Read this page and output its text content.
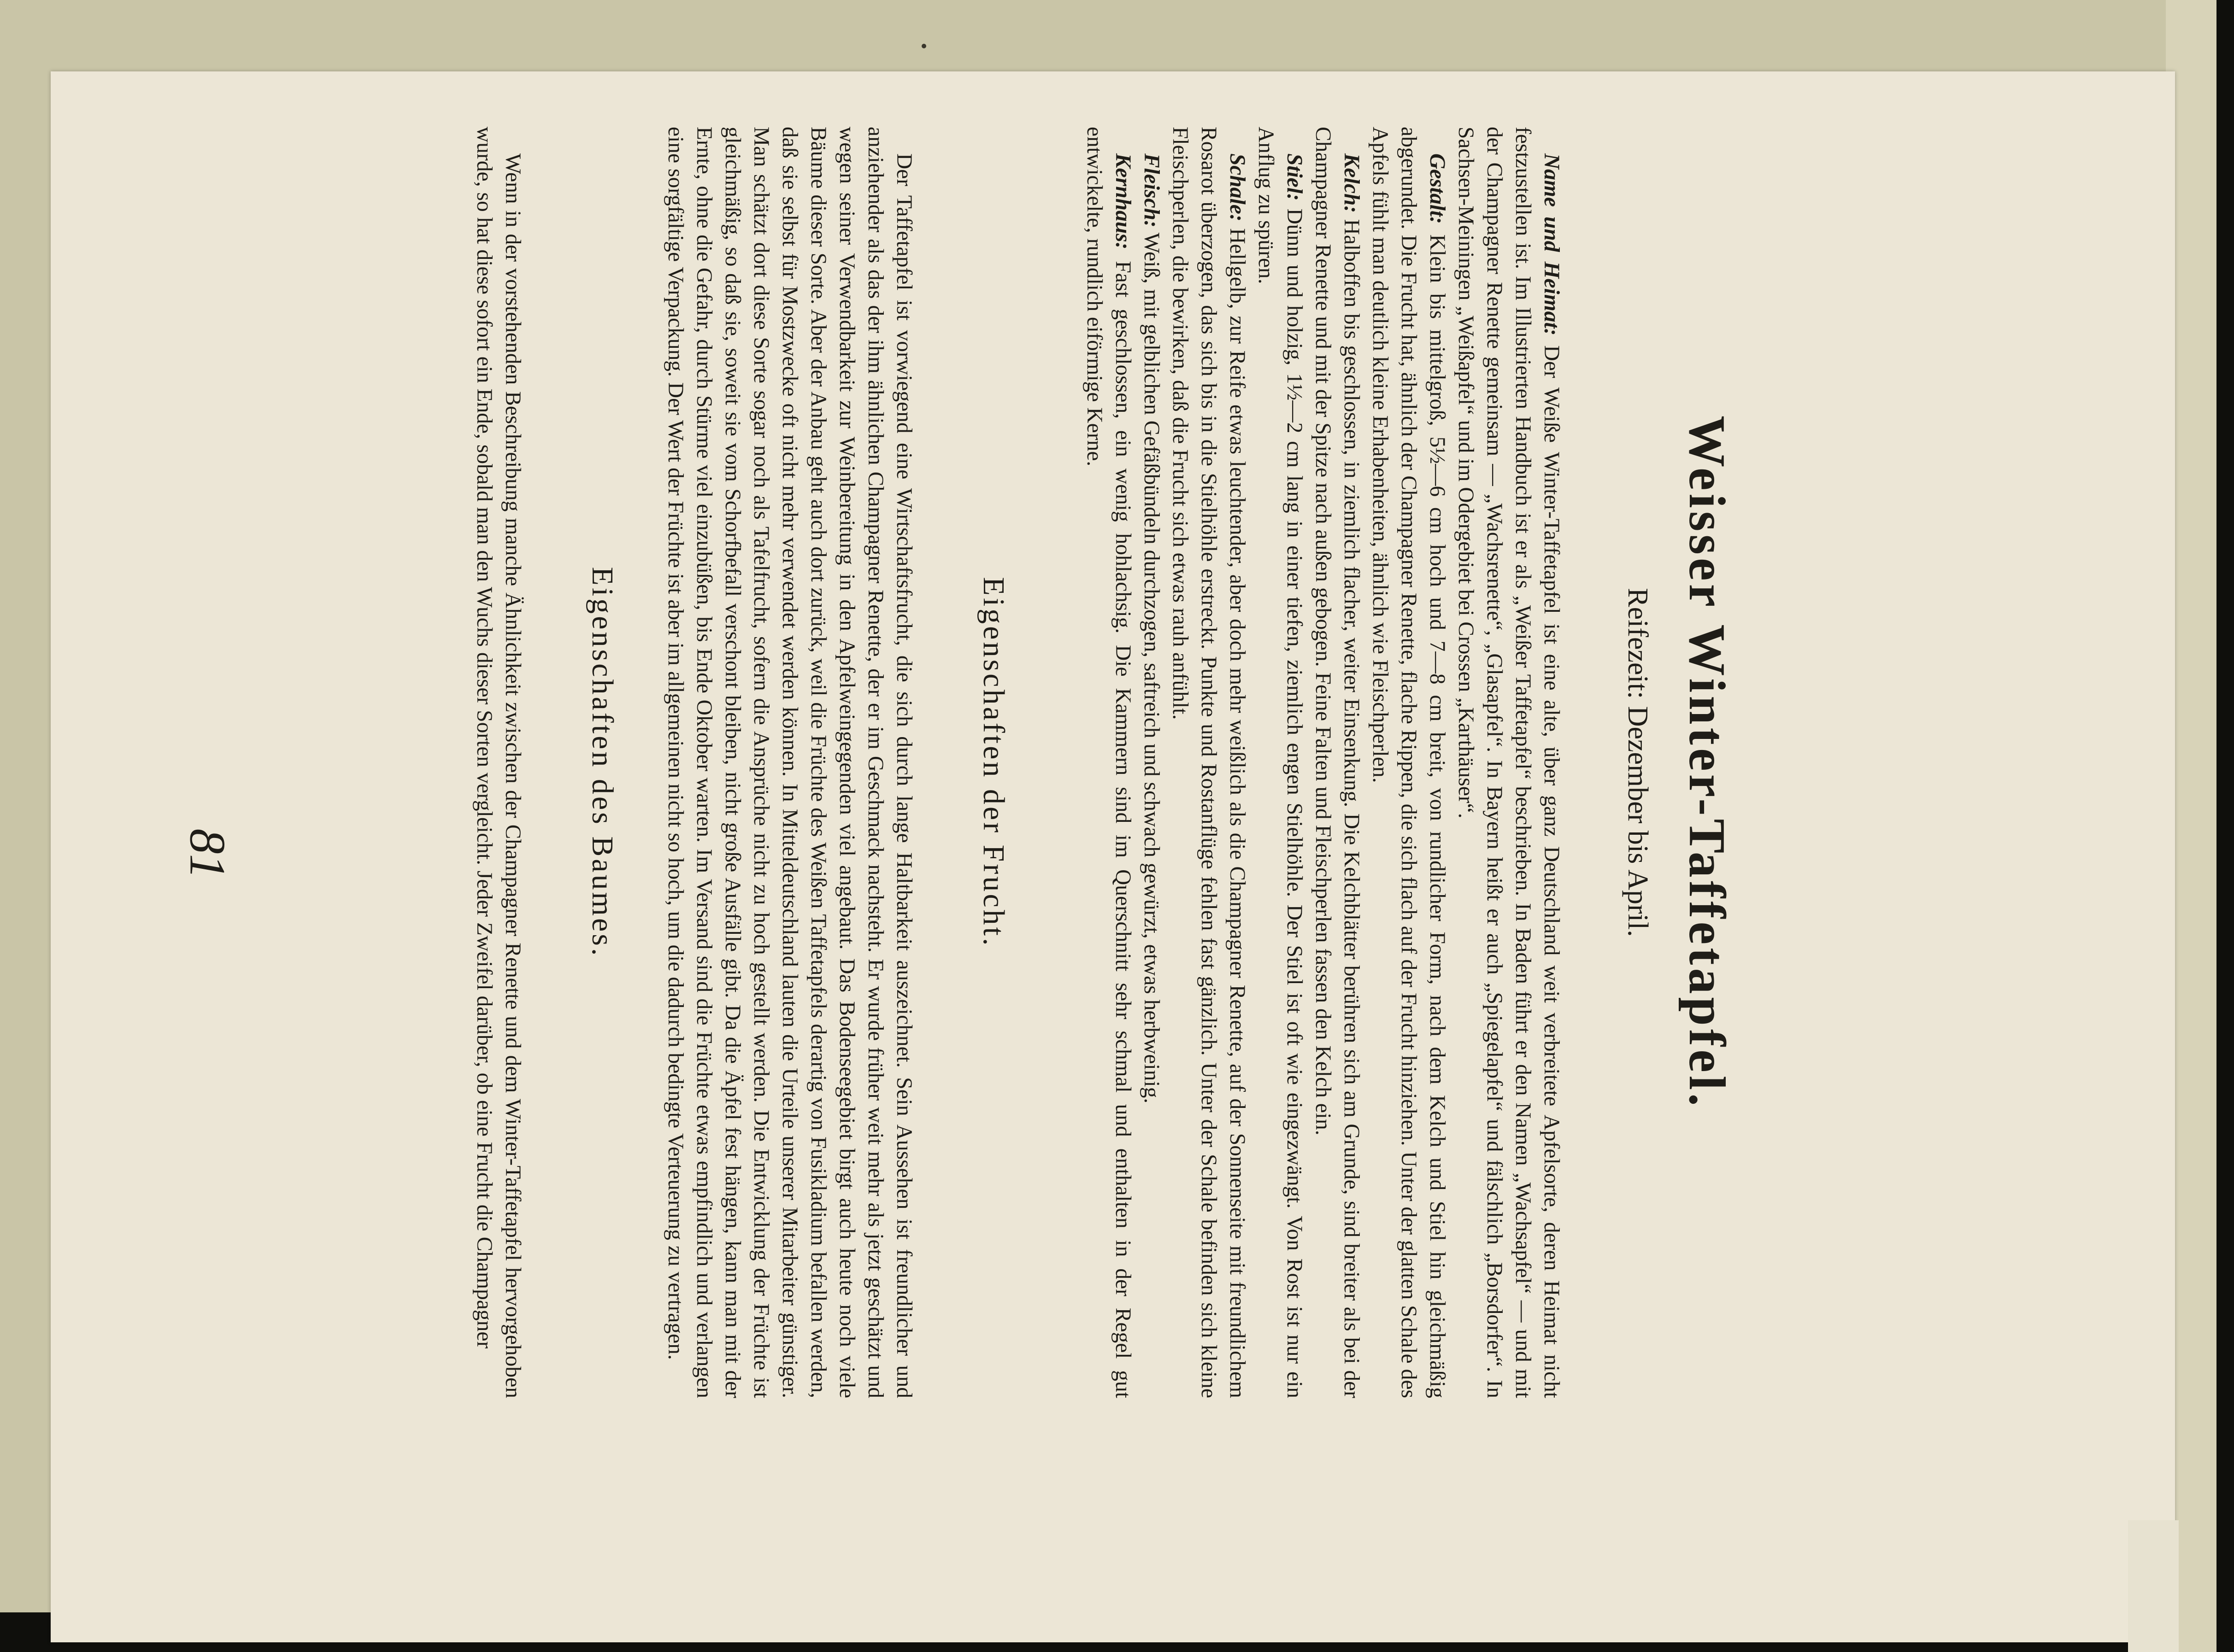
Weisser Winter-Taffetapfel.
Reifezeit: Dezember bis April.

Name und Heimat: Der Weiße Winter-Taffetapfel ist eine alte, über ganz Deutschland weit verbreitete Apfelsorte, deren Heimat nicht festzustellen ist. Im Illustrierten Handbuch ist er als „Weißer Taffetapfel“ beschrieben. In Baden führt er den Namen „Wachsapfel“ — und mit der Champagner Renette gemeinsam — „Wachsrenette“, „Glasapfel“. In Bayern heißt er auch „Spiegelapfel“ und fälschlich „Borsdorfer“. In Sachsen-Meiningen „Weißapfel“ und im Odergebiet bei Crossen „Karthäuser“.

Gestalt: Klein bis mittelgroß, 5½—6 cm hoch und 7—8 cm breit, von rundlicher Form, nach dem Kelch und Stiel hin gleichmäßig abgerundet. Die Frucht hat, ähnlich der Champagner Renette, flache Rippen, die sich flach auf der Frucht hinziehen. Unter der glatten Schale des Apfels fühlt man deutlich kleine Erhabenheiten, ähnlich wie Fleischperlen.

Kelch: Halboffen bis geschlossen, in ziemlich flacher, weiter Einsenkung. Die Kelchblätter berühren sich am Grunde, sind breiter als bei der Champagner Renette und mit der Spitze nach außen gebogen. Feine Falten und Fleischperlen fassen den Kelch ein.

Stiel: Dünn und holzig, 1½—2 cm lang in einer tiefen, ziemlich engen Stielhöhle. Der Stiel ist oft wie eingezwängt. Von Rost ist nur ein Anflug zu spüren.

Schale: Hellgelb, zur Reife etwas leuchtender, aber doch mehr weißlich als die Champagner Renette, auf der Sonnenseite mit freundlichem Rosarot überzogen, das sich bis in die Stielhöhle erstreckt. Punkte und Rostanflüge fehlen fast gänzlich. Unter der Schale befinden sich kleine Fleischperlen, die bewirken, daß die Frucht sich etwas rauh anfühlt.

Fleisch: Weiß, mit gelblichen Gefäßbündeln durchzogen, saftreich und schwach gewürzt, etwas herbweinig.

Kernhaus: Fast geschlossen, ein wenig hohlachsig. Die Kammern sind im Querschnitt sehr schmal und enthalten in der Regel gut entwickelte, rundlich eiförmige Kerne.

Eigenschaften der Frucht.

Der Taffetapfel ist vorwiegend eine Wirtschaftsfrucht, die sich durch lange Haltbarkeit auszeichnet. Sein Aussehen ist freundlicher und anziehender als das der ihm ähnlichen Champagner Renette, der er im Geschmack nachsteht. Er wurde früher weit mehr als jetzt geschätzt und wegen seiner Verwendbarkeit zur Weinbereitung in den Apfelweingegenden viel angebaut. Das Bodenseegebiet birgt auch heute noch viele Bäume dieser Sorte. Aber der Anbau geht auch dort zurück, weil die Früchte des Weißen Taffetapfels derartig von Fusikladium befallen werden, daß sie selbst für Mostzwecke oft nicht mehr verwendet werden können. In Mitteldeutschland lauten die Urteile unserer Mitarbeiter günstiger. Man schätzt dort diese Sorte sogar noch als Tafelfrucht, sofern die Ansprüche nicht zu hoch gestellt werden. Die Entwicklung der Früchte ist gleichmäßig, so daß sie, soweit sie vom Schorfbefall verschont bleiben, nicht große Ausfälle gibt. Da die Äpfel fest hängen, kann man mit der Ernte, ohne die Gefahr, durch Stürme viel einzubüßen, bis Ende Oktober warten. Im Versand sind die Früchte etwas empfindlich und verlangen eine sorgfältige Verpackung. Der Wert der Früchte ist aber im allgemeinen nicht so hoch, um die dadurch bedingte Verteuerung zu vertragen.

Eigenschaften des Baumes.

Wenn in der vorstehenden Beschreibung manche Ähnlichkeit zwischen der Champagner Renette und dem Winter-Taffetapfel hervorgehoben wurde, so hat diese sofort ein Ende, sobald man den Wuchs dieser Sorten vergleicht. Jeder Zweifel darüber, ob eine Frucht die Champagner

81
